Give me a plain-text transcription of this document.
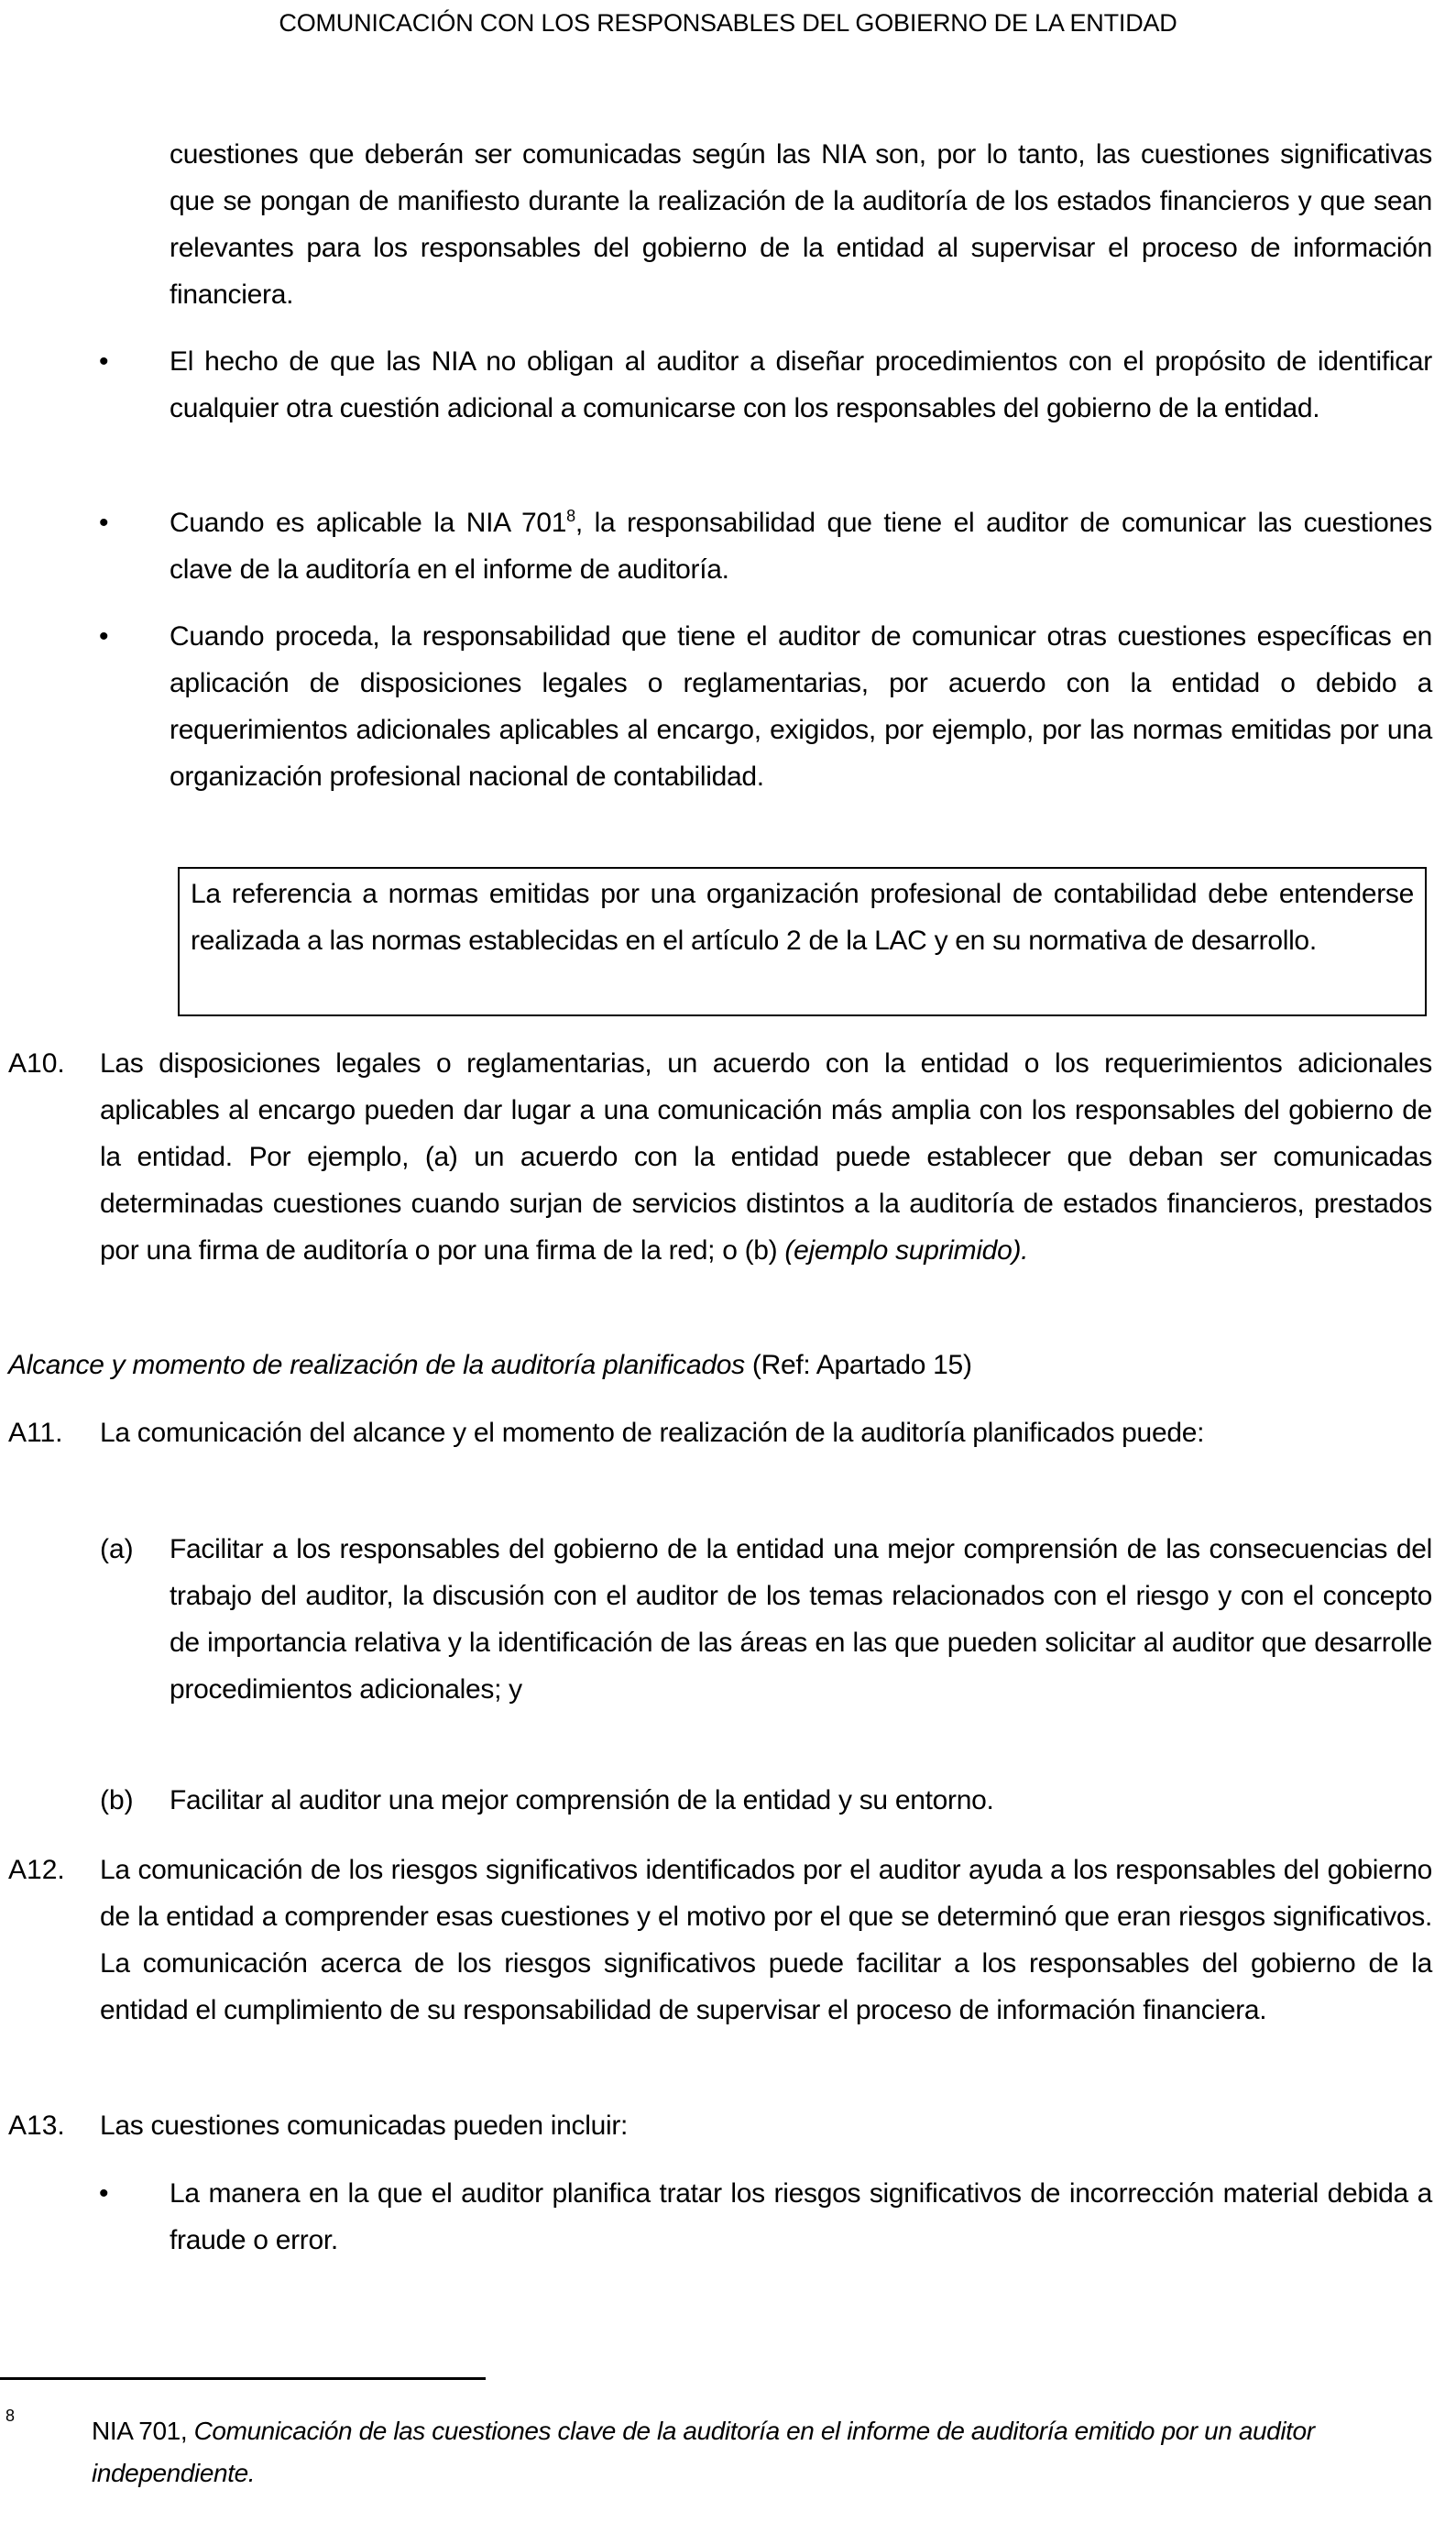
COMUNICACIÓN CON LOS RESPONSABLES DEL GOBIERNO DE LA ENTIDAD
cuestiones que deberán ser comunicadas según las NIA son, por lo tanto, las cuestiones significativas que se pongan de manifiesto durante la realización de la auditoría de los estados financieros y que sean relevantes para los responsables del gobierno de la entidad al supervisar el proceso de información financiera.
• El hecho de que las NIA no obligan al auditor a diseñar procedimientos con el propósito de identificar cualquier otra cuestión adicional a comunicarse con los responsables del gobierno de la entidad.
• Cuando es aplicable la NIA $701^8$, la responsabilidad que tiene el auditor de comunicar las cuestiones clave de la auditoría en el informe de auditoría.
• Cuando proceda, la responsabilidad que tiene el auditor de comunicar otras cuestiones específicas en aplicación de disposiciones legales o reglamentarias, por acuerdo con la entidad o debido a requerimientos adicionales aplicables al encargo, exigidos, por ejemplo, por las normas emitidas por una organización profesional nacional de contabilidad.
La referencia a normas emitidas por una organización profesional de contabilidad debe entenderse realizada a las normas establecidas en el artículo 2 de la LAC y en su normativa de desarrollo.
A10. Las disposiciones legales o reglamentarias, un acuerdo con la entidad o los requerimientos adicionales aplicables al encargo pueden dar lugar a una comunicación más amplia con los responsables del gobierno de la entidad. Por ejemplo, (a) un acuerdo con la entidad puede establecer que deban ser comunicadas determinadas cuestiones cuando surjan de servicios distintos a la auditoría de estados financieros, prestados por una firma de auditoría o por una firma de la red; o (b) (ejemplo suprimido).
Alcance y momento de realización de la auditoría planificados (Ref: Apartado 15)
A11. La comunicación del alcance y el momento de realización de la auditoría planificados puede:
(a) Facilitar a los responsables del gobierno de la entidad una mejor comprensión de las consecuencias del trabajo del auditor, la discusión con el auditor de los temas relacionados con el riesgo y con el concepto de importancia relativa y la identificación de las áreas en las que pueden solicitar al auditor que desarrolle procedimientos adicionales; y
(b) Facilitar al auditor una mejor comprensión de la entidad y su entorno.
A12. La comunicación de los riesgos significativos identificados por el auditor ayuda a los responsables del gobierno de la entidad a comprender esas cuestiones y el motivo por el que se determinó que eran riesgos significativos. La comunicación acerca de los riesgos significativos puede facilitar a los responsables del gobierno de la entidad el cumplimiento de su responsabilidad de supervisar el proceso de información financiera.
A13. Las cuestiones comunicadas pueden incluir:
• La manera en la que el auditor planifica tratar los riesgos significativos de incorrección material debida a fraude o error.
8
NIA 701, Comunicación de las cuestiones clave de la auditoría en el informe de auditoría emitido por un auditor independiente.
